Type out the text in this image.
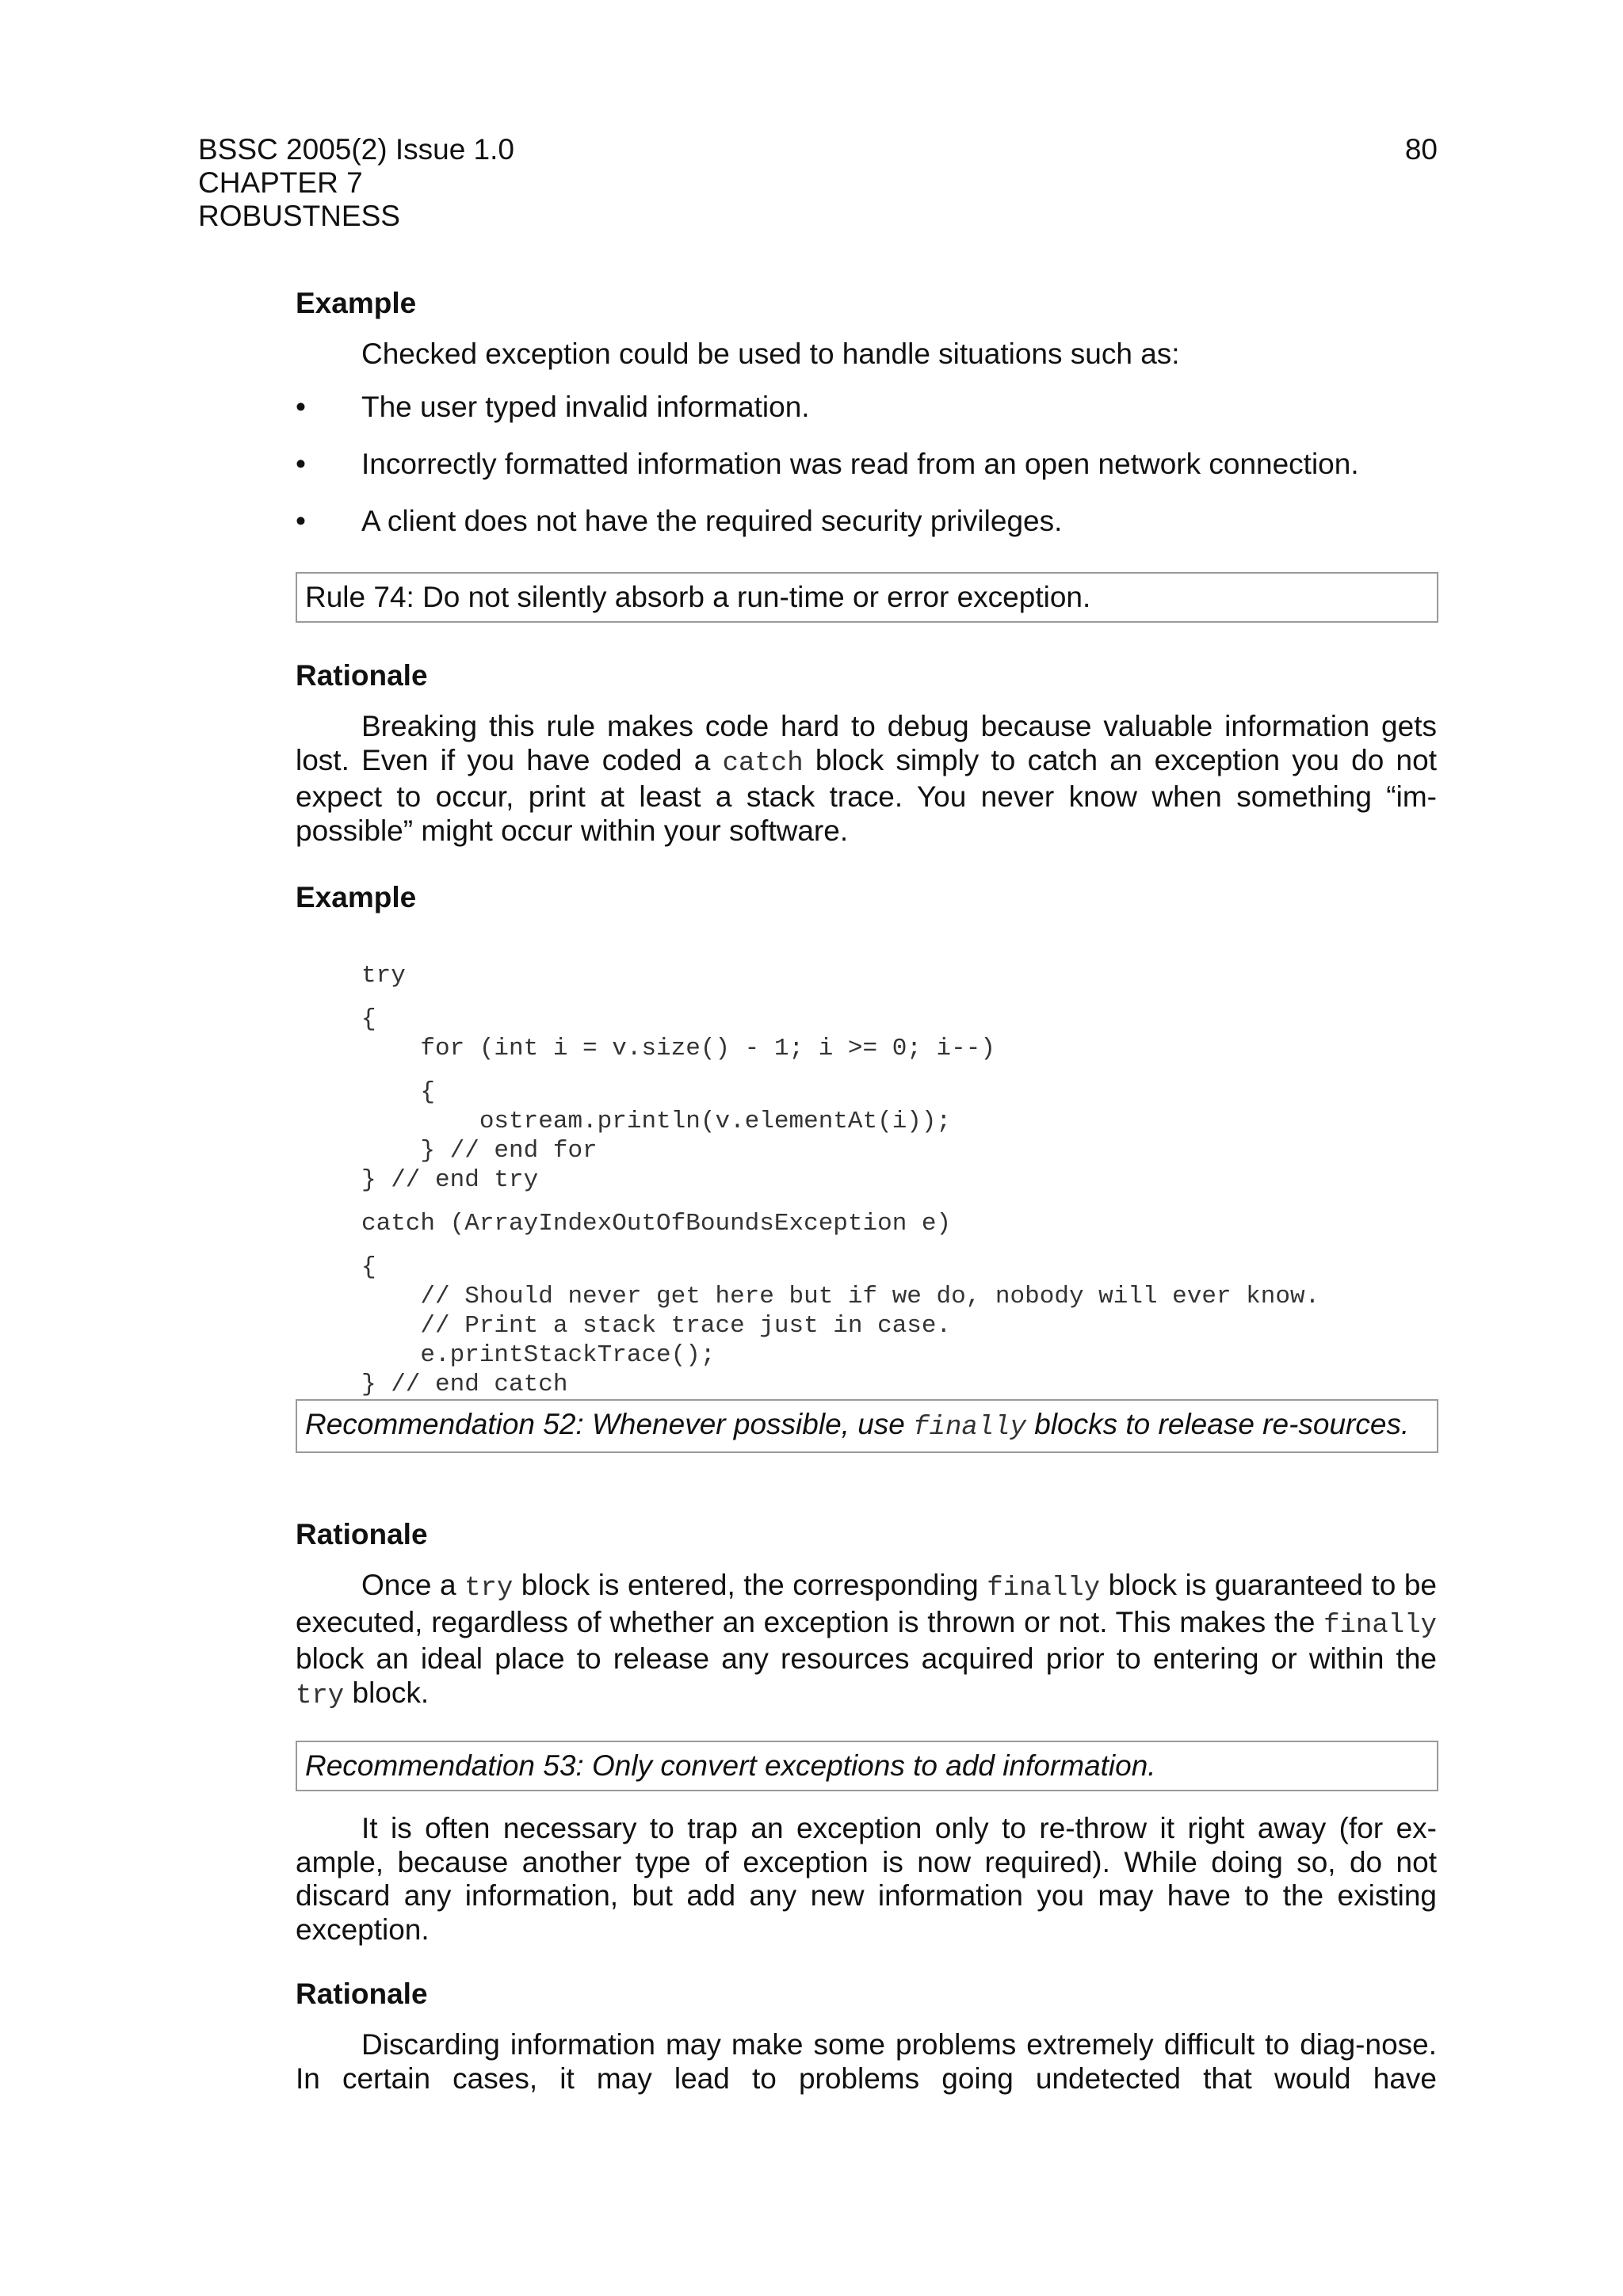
BSSC 2005(2) Issue 1.0
CHAPTER 7
ROBUSTNESS
80
Example
Checked exception could be used to handle situations such as:
• The user typed invalid information.
• Incorrectly formatted information was read from an open network connection.
• A client does not have the required security privileges.
Rule 74: Do not silently absorb a run-time or error exception.
Rationale
Breaking this rule makes code hard to debug because valuable information gets lost. Even if you have coded a catch block simply to catch an exception you do not expect to occur, print at least a stack trace. You never know when something “im-possible” might occur within your software.
Example

try
{
for (int i = v.size() - 1; i >= 0; i--)
{
ostream.println(v.elementAt(i));
} // end for
} // end try
catch (ArrayIndexOutOfBoundsException e)
{
// Should never get here but if we do, nobody will ever know.
// Print a stack trace just in case.
e.printStackTrace();
} // end catch

Recommendation 52: Whenever possible, use finally blocks to release re-sources.
Rationale
Once a try block is entered, the corresponding finally block is guaranteed to be executed, regardless of whether an exception is thrown or not. This makes the finally block an ideal place to release any resources acquired prior to entering or within the try block.
Recommendation 53: Only convert exceptions to add information.
It is often necessary to trap an exception only to re-throw it right away (for ex-ample, because another type of exception is now required). While doing so, do not discard any information, but add any new information you may have to the existing exception.
Rationale
Discarding information may make some problems extremely difficult to diag-nose. In certain cases, it may lead to problems going undetected that would have
